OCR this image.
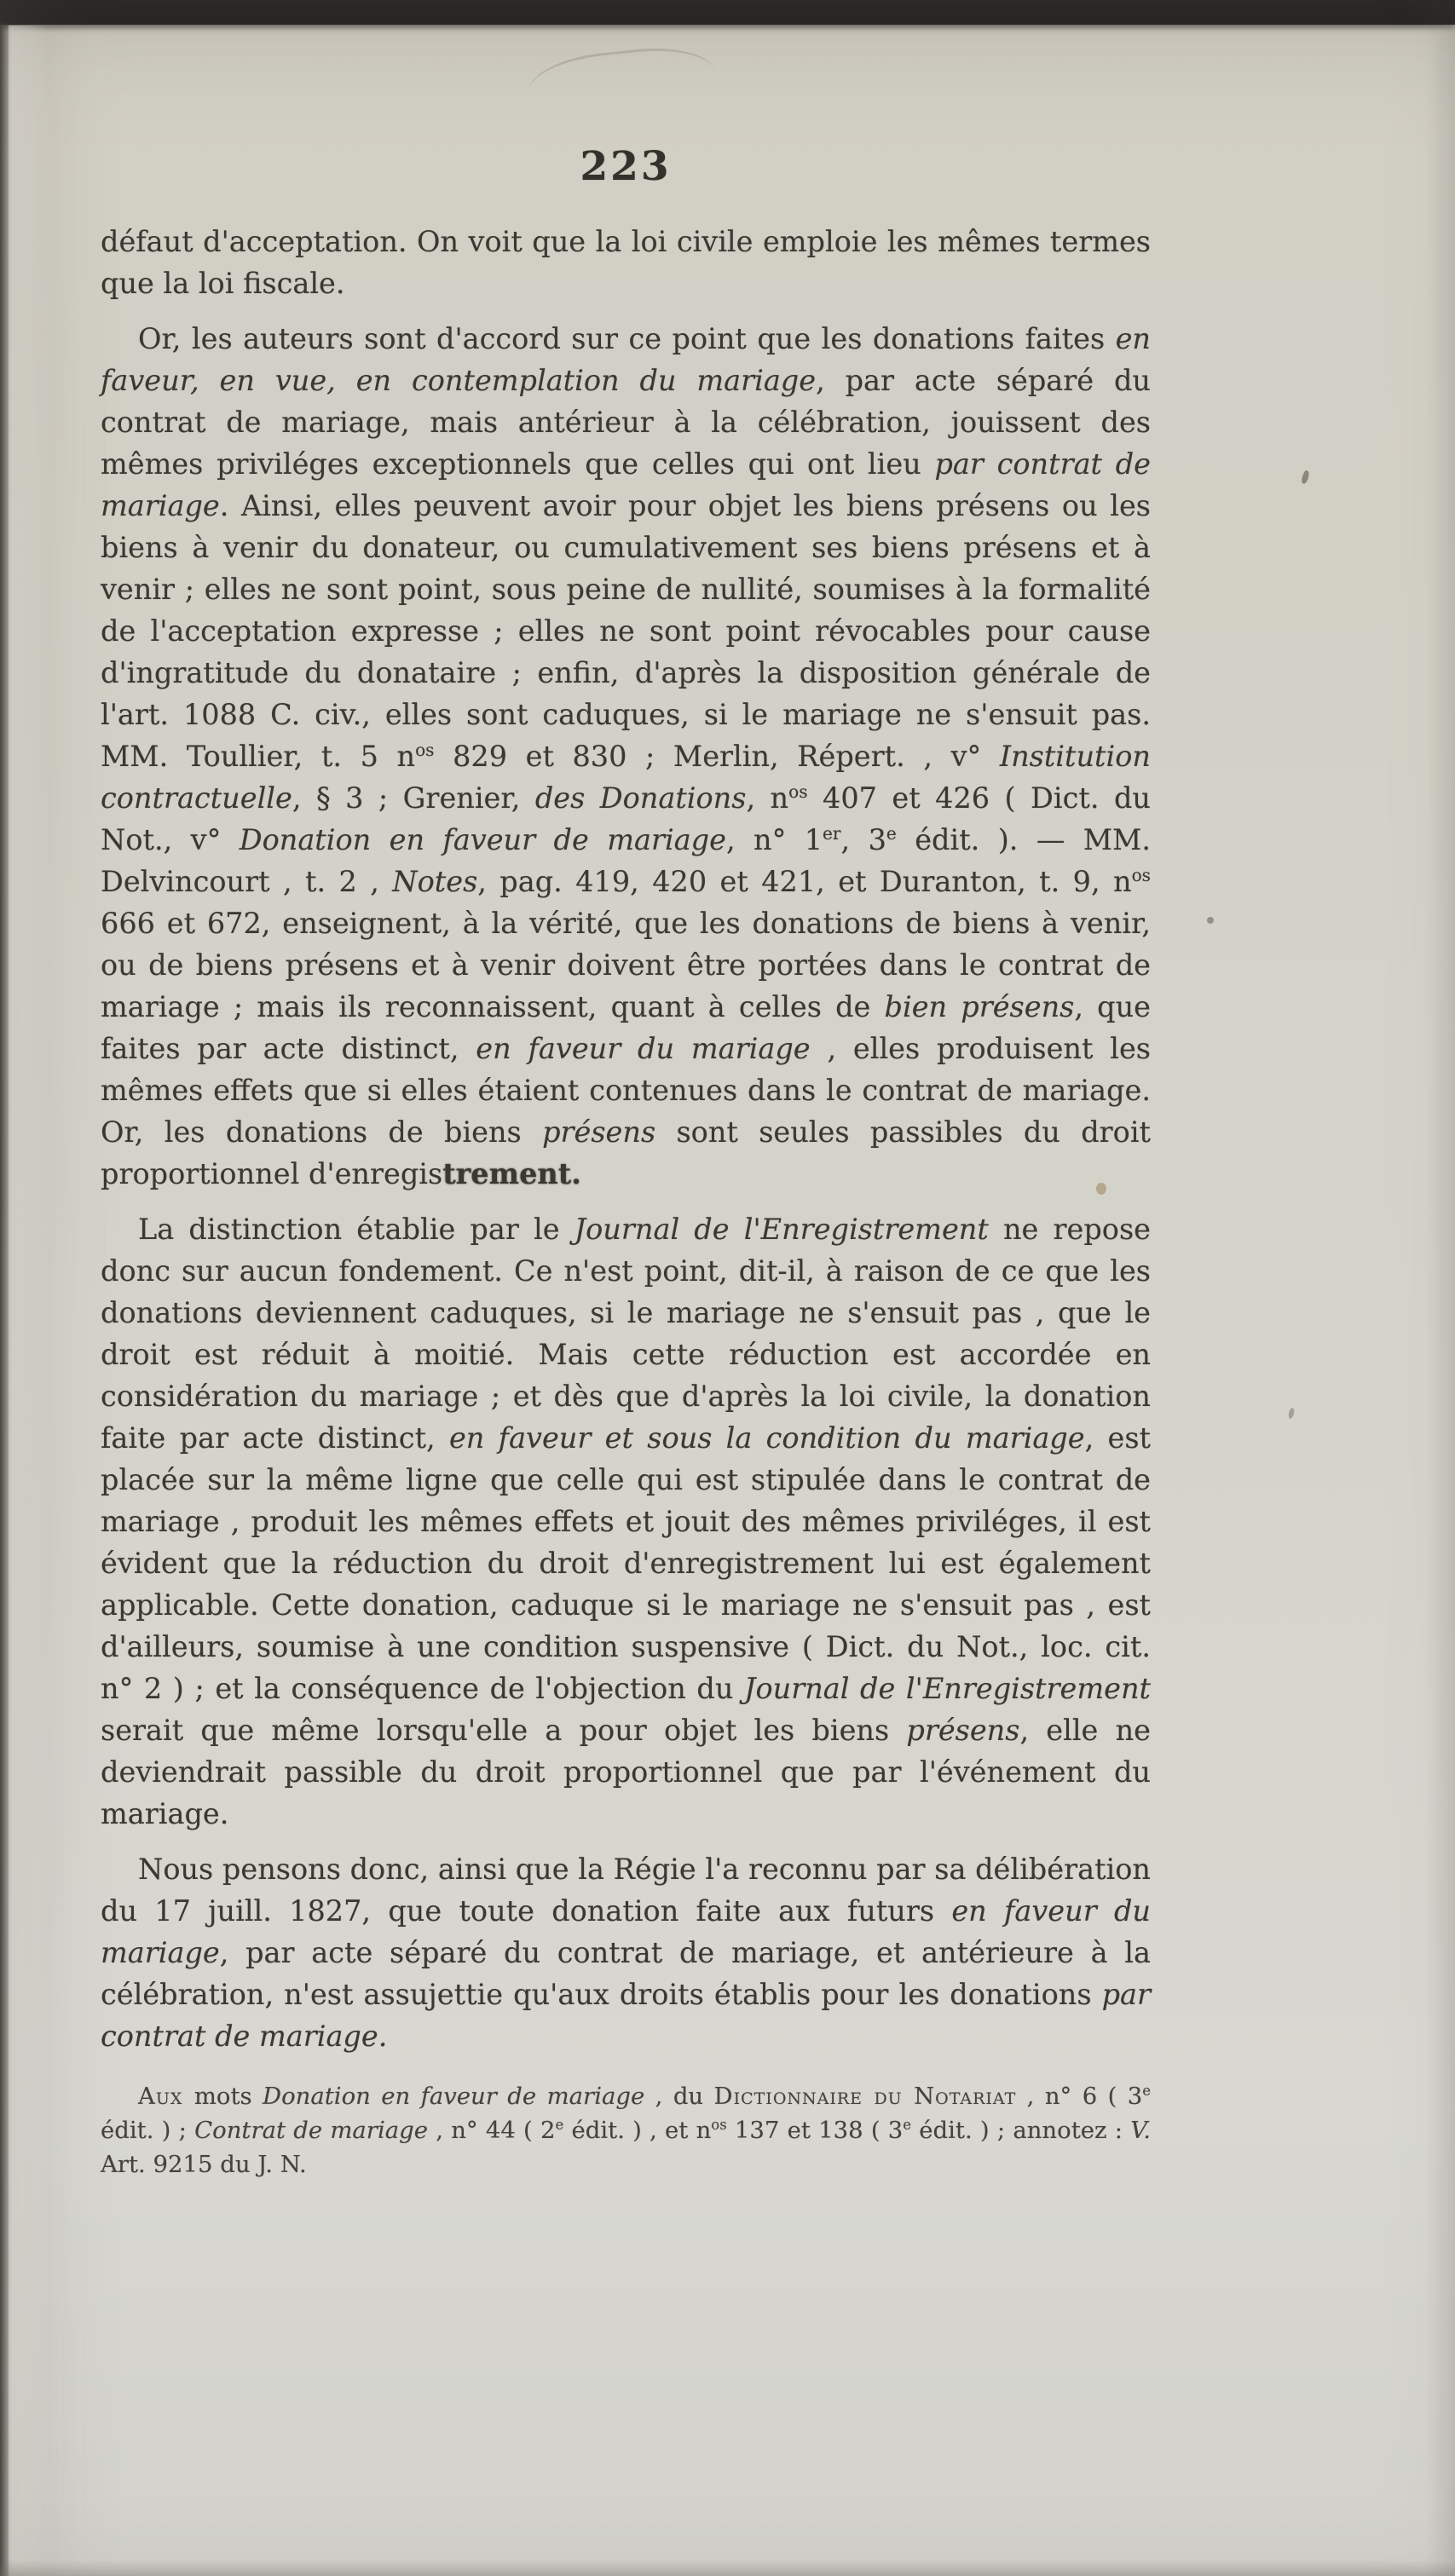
223

défaut d'acceptation. On voit que la loi civile emploie les mêmes termes que la loi fiscale.

Or, les auteurs sont d'accord sur ce point que les donations faites en faveur, en vue, en contemplation du mariage, par acte séparé du contrat de mariage, mais antérieur à la célébration, jouissent des mêmes priviléges exceptionnels que celles qui ont lieu par contrat de mariage. Ainsi, elles peuvent avoir pour objet les biens présens ou les biens à venir du donateur, ou cumulativement ses biens présens et à venir ; elles ne sont point, sous peine de nullité, soumises à la formalité de l'acceptation expresse ; elles ne sont point révocables pour cause d'ingratitude du donataire ; enfin, d'après la disposition générale de l'art. 1088 C. civ., elles sont caduques, si le mariage ne s'ensuit pas. MM. Toullier, t. 5 $n^{os}$ 829 et 830 ; Merlin, Répert. , v° Institution contractuelle, § 3 ; Grenier, des Donations, $n^{os}$ 407 et 426 ( Dict. du Not., v° Donation en faveur de mariage, n° 1er, 3e édit. ). — MM. Delvincourt , t. 2 , Notes, pag. 419, 420 et 421, et Duranton, t. 9, $n^{os}$ 666 et 672, enseignent, à la vérité, que les donations de biens à venir, ou de biens présens et à venir doivent être portées dans le contrat de mariage ; mais ils reconnaissent, quant à celles de bien présens, que faites par acte distinct, en faveur du mariage , elles produisent les mêmes effets que si elles étaient contenues dans le contrat de mariage. Or, les donations de biens présens sont seules passibles du droit proportionnel d'enregistrement.

La distinction établie par le Journal de l'Enregistrement ne repose donc sur aucun fondement. Ce n'est point, dit-il, à raison de ce que les donations deviennent caduques, si le mariage ne s'ensuit pas , que le droit est réduit à moitié. Mais cette réduction est accordée en considération du mariage ; et dès que d'après la loi civile, la donation faite par acte distinct, en faveur et sous la condition du mariage, est placée sur la même ligne que celle qui est stipulée dans le contrat de mariage , produit les mêmes effets et jouit des mêmes priviléges, il est évident que la réduction du droit d'enregistrement lui est également applicable. Cette donation, caduque si le mariage ne s'ensuit pas , est d'ailleurs, soumise à une condition suspensive ( Dict. du Not., loc. cit. n° 2 ) ; et la conséquence de l'objection du Journal de l'Enregistrement serait que même lorsqu'elle a pour objet les biens présens, elle ne deviendrait passible du droit proportionnel que par l'événement du mariage.

Nous pensons donc, ainsi que la Régie l'a reconnu par sa délibération du 17 juill. 1827, que toute donation faite aux futurs en faveur du mariage, par acte séparé du contrat de mariage, et antérieure à la célébration, n'est assujettie qu'aux droits établis pour les donations par contrat de mariage.

Aux mots Donation en faveur de mariage , du Dictionnaire du Notariat , n° 6 ( 3e édit. ) ; Contrat de mariage , n° 44 ( 2e édit. ) , et $n^{os}$ 137 et 138 ( 3e édit. ) ; annotez : V. Art. 9215 du J. N.
